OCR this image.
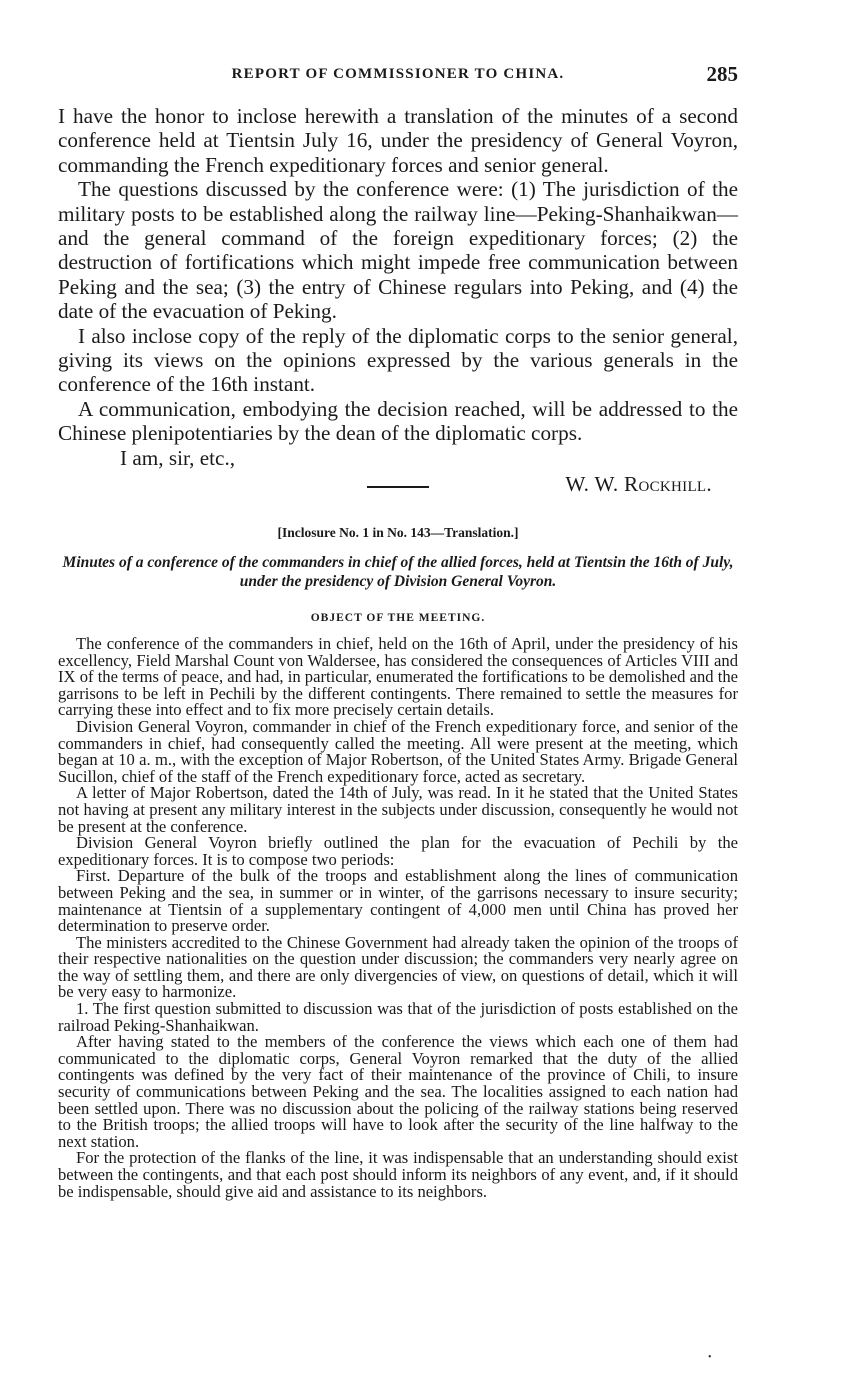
REPORT OF COMMISSIONER TO CHINA.	285

I have the honor to inclose herewith a translation of the minutes of a second conference held at Tientsin July 16, under the presidency of General Voyron, commanding the French expeditionary forces and senior general.

The questions discussed by the conference were: (1) The jurisdiction of the military posts to be established along the railway line—Peking-Shanhaikwan—and the general command of the foreign expeditionary forces; (2) the destruction of fortifications which might impede free communication between Peking and the sea; (3) the entry of Chinese regulars into Peking, and (4) the date of the evacuation of Peking.

I also inclose copy of the reply of the diplomatic corps to the senior general, giving its views on the opinions expressed by the various generals in the conference of the 16th instant.

A communication, embodying the decision reached, will be addressed to the Chinese plenipotentiaries by the dean of the diplomatic corps.

I am, sir, etc.,
W. W. Rockhill.
[Inclosure No. 1 in No. 143—Translation.]
Minutes of a conference of the commanders in chief of the allied forces, held at Tientsin the 16th of July, under the presidency of Division General Voyron.
OBJECT OF THE MEETING.

The conference of the commanders in chief, held on the 16th of April, under the presidency of his excellency, Field Marshal Count von Waldersee, has considered the consequences of Articles VIII and IX of the terms of peace, and had, in particular, enumerated the fortifications to be demolished and the garrisons to be left in Pechili by the different contingents. There remained to settle the measures for carrying these into effect and to fix more precisely certain details.

Division General Voyron, commander in chief of the French expeditionary force, and senior of the commanders in chief, had consequently called the meeting. All were present at the meeting, which began at 10 a. m., with the exception of Major Robertson, of the United States Army. Brigade General Sucillon, chief of the staff of the French expeditionary force, acted as secretary.

A letter of Major Robertson, dated the 14th of July, was read. In it he stated that the United States not having at present any military interest in the subjects under discussion, consequently he would not be present at the conference.

Division General Voyron briefly outlined the plan for the evacuation of Pechili by the expeditionary forces. It is to compose two periods:

First. Departure of the bulk of the troops and establishment along the lines of communication between Peking and the sea, in summer or in winter, of the garrisons necessary to insure security; maintenance at Tientsin of a supplementary contingent of 4,000 men until China has proved her determination to preserve order.

The ministers accredited to the Chinese Government had already taken the opinion of the troops of their respective nationalities on the question under discussion; the commanders very nearly agree on the way of settling them, and there are only divergencies of view, on questions of detail, which it will be very easy to harmonize.

1. The first question submitted to discussion was that of the jurisdiction of posts established on the railroad Peking-Shanhaikwan.

After having stated to the members of the conference the views which each one of them had communicated to the diplomatic corps, General Voyron remarked that the duty of the allied contingents was defined by the very fact of their maintenance of the province of Chili, to insure security of communications between Peking and the sea. The localities assigned to each nation had been settled upon. There was no discussion about the policing of the railway stations being reserved to the British troops; the allied troops will have to look after the security of the line halfway to the next station.

For the protection of the flanks of the line, it was indispensable that an understanding should exist between the contingents, and that each post should inform its neighbors of any event, and, if it should be indispensable, should give aid and assistance to its neighbors.

•
